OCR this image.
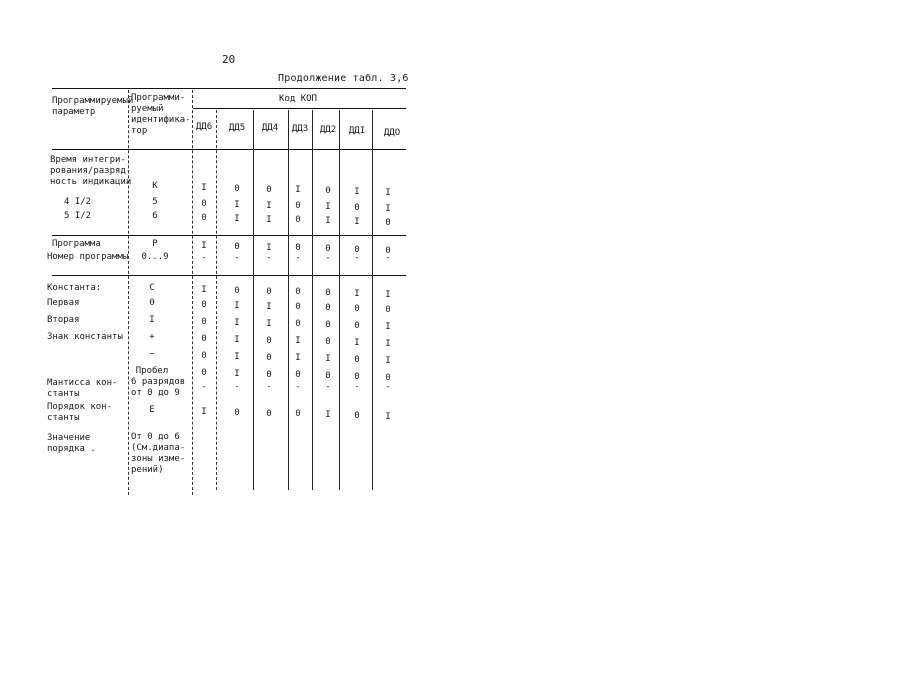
20
Продолжение табл. 3,6
Программируемый
параметр
Программи-
руемый
идентифика-
тор
Код КОП
ДД6 ДД5 ДД4 ДД3 ДД2 ДДI ДДО
Время интегри-
рования/разряд-
ность индикации К	I	0	0	I	0	I	I
4 I/2	5	0	I	I	0	I	0	I
5 I/2	6	0	I	I	0	I	I	0
Программа	Р	I	0	I	0	0	0	0
Номер программы 0...9	-	-	-	-	-	-	-
Константа:	С	I	0	0	0	0	I	I
Первая	0	0	I	I	0	0	0	0
Вторая	I	0	I	I	0	0	0	I
Знак константы	+	0	I	0	I	0	I	I
–	0	I	0	I	I	0	I
Пробел	0	I	0	0	0	0	0
Мантисса кон-
станты
6 разрядов
от 0 до 9
-	-	-	-	-	-	-
Порядок кон-
станты
Е	I	0	0	0	I	0	I
Значение
порядка .
От 0 до 6
(См.диапа-
зоны изме-
рений)
